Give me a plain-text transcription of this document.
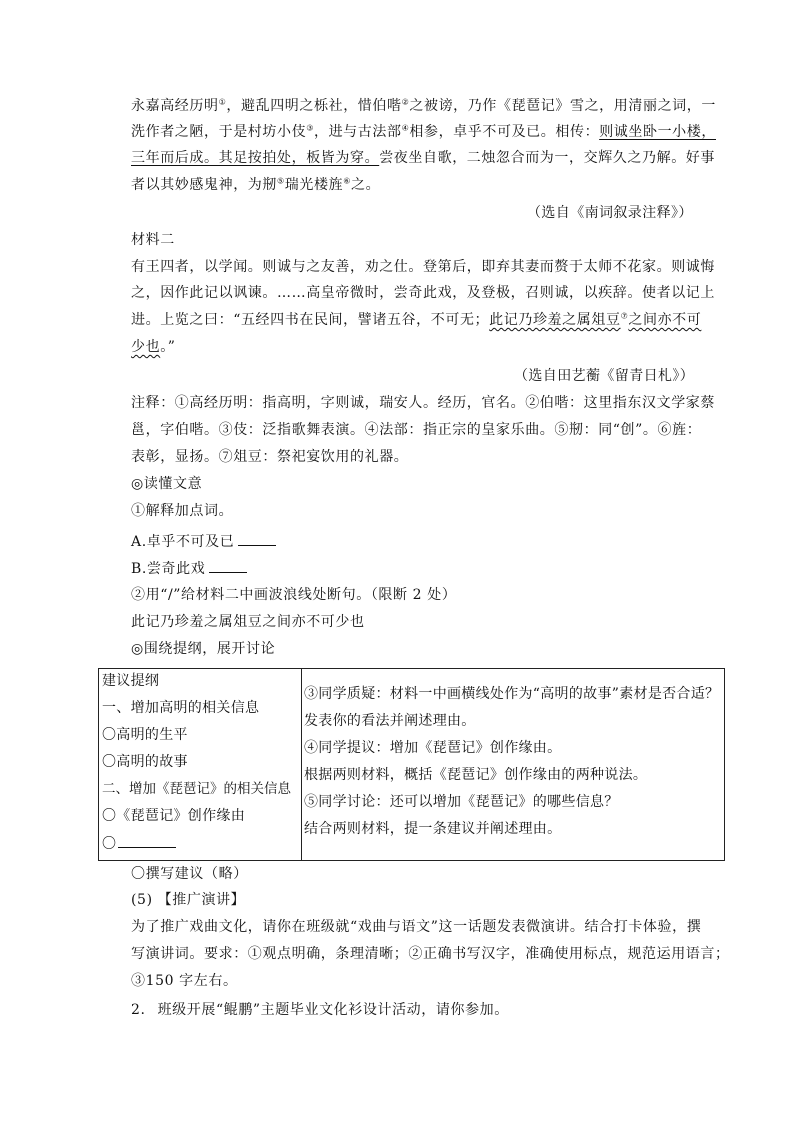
永嘉高经历明①，避乱四明之栎社，惜伯喈②之被谤，乃作《琵琶记》雪之，用清丽之词，一
洗作者之陋，于是村坊小伎③，进与古法部④相参，卓乎不可及已。相传：则诚坐卧一小楼，
三年而后成。其足按拍处，板皆为穿。尝夜坐自歌，二烛忽合而为一，交辉久之乃解。好事
者以其妙感鬼神，为剏⑤瑞光楼旌⑥之。
（选自《南词叙录注释》）
材料二
有王四者，以学闻。则诚与之友善，劝之仕。登第后，即弃其妻而赘于太师不花家。则诚悔
之，因作此记以讽谏。……高皇帝微时，尝奇此戏，及登极，召则诚，以疾辞。使者以记上
进。上览之曰：“五经四书在民间，譬诸五谷，不可无；此记乃珍羞之属俎豆⑦之间亦不可
少也。”
（选自田艺蘅《留青日札》）
注释：①高经历明：指高明，字则诚，瑞安人。经历，官名。②伯喈：这里指东汉文学家蔡
邕，字伯喈。③伎：泛指歌舞表演。④法部：指正宗的皇家乐曲。⑤剏：同“创”。⑥旌：
表彰，显扬。⑦俎豆：祭祀宴饮用的礼器。
◎读懂文意
①解释加点词。
A.卓乎不可及已
B.尝奇此戏
②用“/”给材料二中画波浪线处断句。（限断 2 处）
此记乃珍羞之属俎豆之间亦不可少也
◎围绕提纲，展开讨论
建议提纲
一、增加高明的相关信息
〇高明的生平
〇高明的故事
二、增加《琵琶记》的相关信息
〇《琵琶记》创作缘由
〇
③同学质疑：材料一中画横线处作为“高明的故事”素材是否合适？
发表你的看法并阐述理由。
④同学提议：增加《琵琶记》创作缘由。
根据两则材料，概括《琵琶记》创作缘由的两种说法。
⑤同学讨论：还可以增加《琵琶记》的哪些信息？
结合两则材料，提一条建议并阐述理由。
〇撰写建议（略）
(5) 【推广演讲】
为了推广戏曲文化，请你在班级就“戏曲与语文”这一话题发表微演讲。结合打卡体验，撰
写演讲词。要求：①观点明确，条理清晰；②正确书写汉字，准确使用标点，规范运用语言；
③150 字左右。
2. 班级开展“鲲鹏”主题毕业文化衫设计活动，请你参加。
